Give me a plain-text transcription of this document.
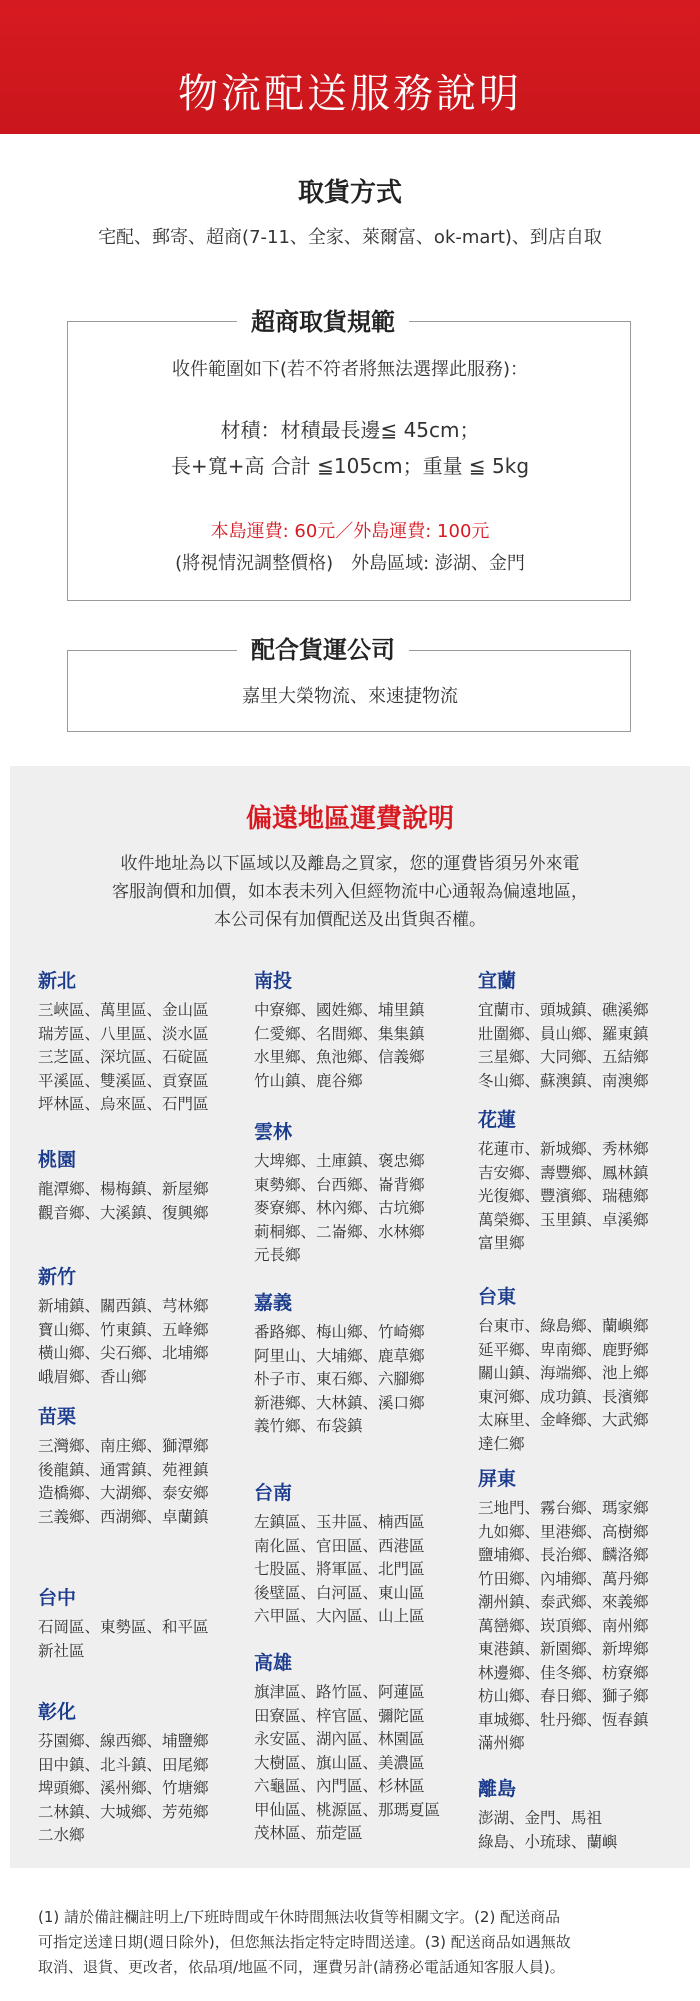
物流配送服務說明
取貨方式
宅配、郵寄、超商(7-11、全家、萊爾富、ok-mart)、到店自取
超商取貨規範
收件範圍如下(若不符者將無法選擇此服務)：
材積：材積最長邊≦ 45cm；
長+寬+高 合計 ≦105cm；重量 ≦ 5kg
本島運費: 60元／外島運費: 100元
(將視情況調整價格)　外島區域: 澎湖、金門
配合貨運公司
嘉里大榮物流、來速捷物流
偏遠地區運費說明
收件地址為以下區域以及離島之買家，您的運費皆須另外來電
客服詢價和加價，如本表未列入但經物流中心通報為偏遠地區，
本公司保有加價配送及出貨與否權。
新北
三峽區、萬里區、金山區
瑞芳區、八里區、淡水區
三芝區、深坑區、石碇區
平溪區、雙溪區、貢寮區
坪林區、烏來區、石門區
桃園
龍潭鄉、楊梅鎮、新屋鄉
觀音鄉、大溪鎮、復興鄉
新竹
新埔鎮、關西鎮、芎林鄉
寶山鄉、竹東鎮、五峰鄉
橫山鄉、尖石鄉、北埔鄉
峨眉鄉、香山鄉
苗栗
三灣鄉、南庄鄉、獅潭鄉
後龍鎮、通霄鎮、苑裡鎮
造橋鄉、大湖鄉、泰安鄉
三義鄉、西湖鄉、卓蘭鎮
台中
石岡區、東勢區、和平區
新社區
彰化
芬園鄉、線西鄉、埔鹽鄉
田中鎮、北斗鎮、田尾鄉
埤頭鄉、溪州鄉、竹塘鄉
二林鎮、大城鄉、芳苑鄉
二水鄉
南投
中寮鄉、國姓鄉、埔里鎮
仁愛鄉、名間鄉、集集鎮
水里鄉、魚池鄉、信義鄉
竹山鎮、鹿谷鄉
雲林
大埤鄉、土庫鎮、褒忠鄉
東勢鄉、台西鄉、崙背鄉
麥寮鄉、林內鄉、古坑鄉
莿桐鄉、二崙鄉、水林鄉
元長鄉
嘉義
番路鄉、梅山鄉、竹崎鄉
阿里山、大埔鄉、鹿草鄉
朴子市、東石鄉、六腳鄉
新港鄉、大林鎮、溪口鄉
義竹鄉、布袋鎮
台南
左鎮區、玉井區、楠西區
南化區、官田區、西港區
七股區、將軍區、北門區
後壁區、白河區、東山區
六甲區、大內區、山上區
高雄
旗津區、路竹區、阿蓮區
田寮區、梓官區、彌陀區
永安區、湖內區、林園區
大樹區、旗山區、美濃區
六龜區、內門區、杉林區
甲仙區、桃源區、那瑪夏區
茂林區、茄萣區
宜蘭
宜蘭市、頭城鎮、礁溪鄉
壯圍鄉、員山鄉、羅東鎮
三星鄉、大同鄉、五結鄉
冬山鄉、蘇澳鎮、南澳鄉
花蓮
花蓮市、新城鄉、秀林鄉
吉安鄉、壽豐鄉、鳳林鎮
光復鄉、豐濱鄉、瑞穗鄉
萬榮鄉、玉里鎮、卓溪鄉
富里鄉
台東
台東市、綠島鄉、蘭嶼鄉
延平鄉、卑南鄉、鹿野鄉
關山鎮、海端鄉、池上鄉
東河鄉、成功鎮、長濱鄉
太麻里、金峰鄉、大武鄉
達仁鄉
屏東
三地門、霧台鄉、瑪家鄉
九如鄉、里港鄉、高樹鄉
鹽埔鄉、長治鄉、麟洛鄉
竹田鄉、內埔鄉、萬丹鄉
潮州鎮、泰武鄉、來義鄉
萬巒鄉、崁頂鄉、南州鄉
東港鎮、新園鄉、新埤鄉
林邊鄉、佳冬鄉、枋寮鄉
枋山鄉、春日鄉、獅子鄉
車城鄉、牡丹鄉、恆春鎮
滿州鄉
離島
澎湖、金門、馬祖
綠島、小琉球、蘭嶼
(1) 請於備註欄註明上/下班時間或午休時間無法收貨等相關文字。(2) 配送商品
可指定送達日期(週日除外)，但您無法指定特定時間送達。(3) 配送商品如遇無故
取消、退貨、更改者，依品項/地區不同，運費另計(請務必電話通知客服人員)。
